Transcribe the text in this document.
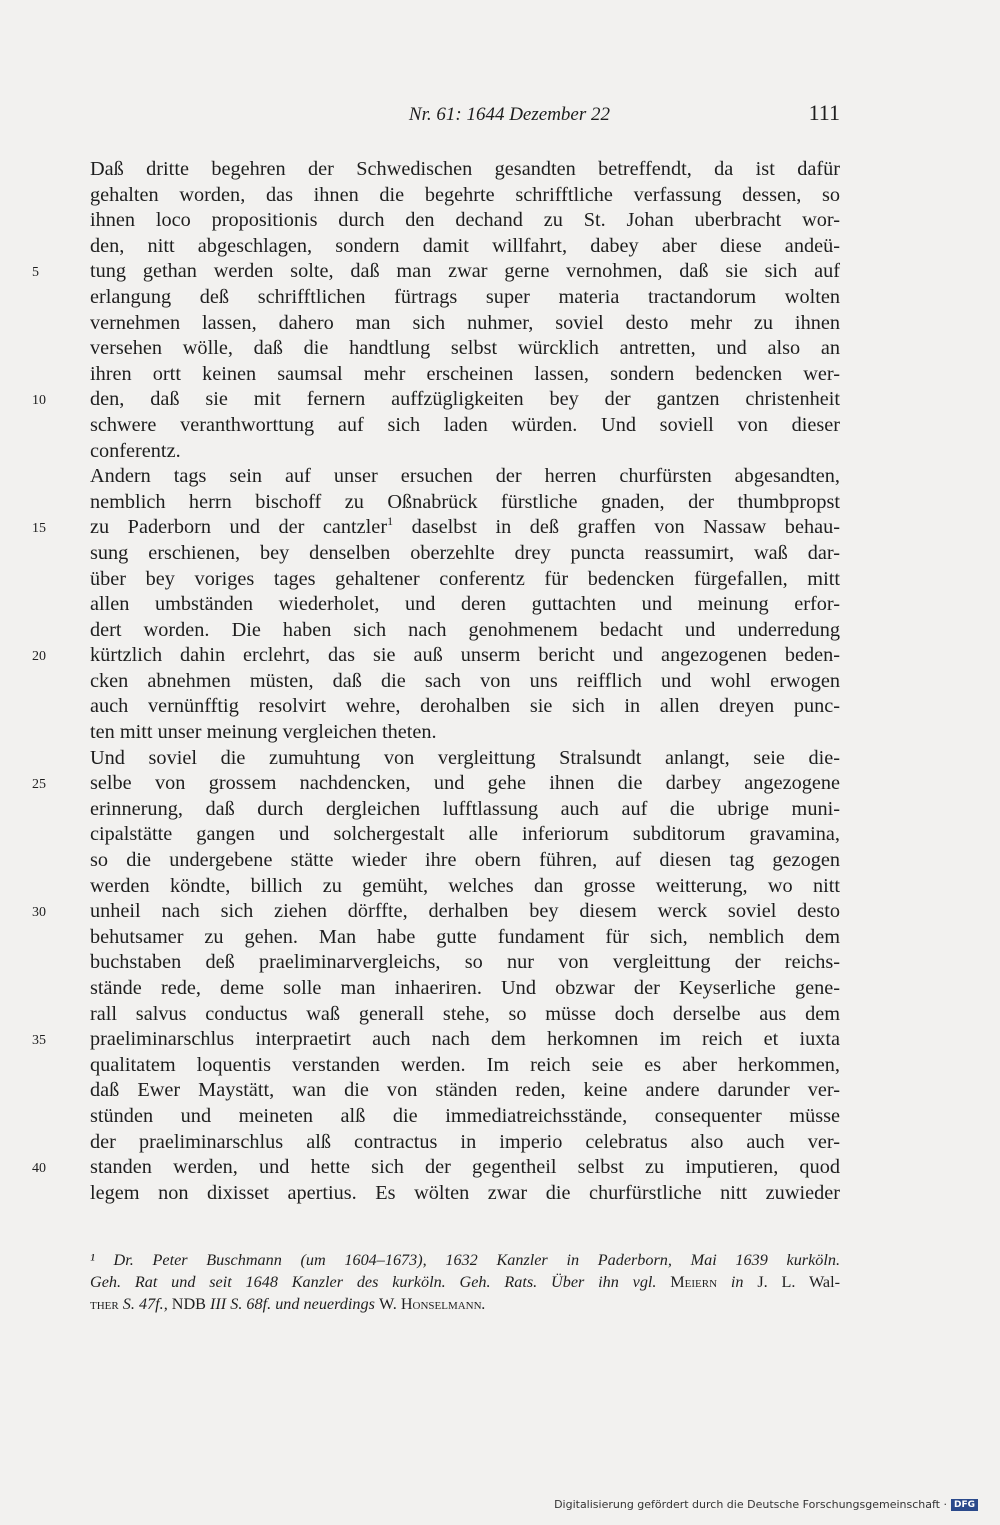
Nr. 61: 1644 Dezember 22	111
Daß dritte begehren der Schwedischen gesandten betreffendt, da ist dafür
gehalten worden, das ihnen die begehrte schrifftliche verfassung dessen, so
ihnen loco propositionis durch den dechand zu St. Johan uberbracht wor-
den, nitt abgeschlagen, sondern damit willfahrt, dabey aber diese andeü-
5	tung gethan werden solte, daß man zwar gerne vernohmen, daß sie sich auf
erlangung deß schrifftlichen fürtrags super materia tractandorum wolten
vernehmen lassen, dahero man sich nuhmer, soviel desto mehr zu ihnen
versehen wölle, daß die handtlung selbst würcklich antretten, und also an
ihren ortt keinen saumsal mehr erscheinen lassen, sondern bedencken wer-
10 den, daß sie mit fernern auffzügligkeiten bey der gantzen christenheit
schwere veranthworttung auf sich laden würden. Und soviell von dieser
conferentz.
Andern tags sein auf unser ersuchen der herren churfürsten abgesandten,
nemblich herrn bischoff zu Oßnabrück fürstliche gnaden, der thumbpropst
15 zu Paderborn und der cantzler$^1$ daselbst in deß graffen von Nassaw behau-
sung erschienen, bey denselben oberzehlte drey puncta reassumirt, waß dar-
über bey voriges tages gehaltener conferentz für bedencken fürgefallen, mitt
allen umbständen wiederholet, und deren guttachten und meinung erfor-
dert worden. Die haben sich nach genohmenem bedacht und underredung
20 kürtzlich dahin erclehrt, das sie auß unserm bericht und angezogenen beden-
cken abnehmen müsten, daß die sach von uns reifflich und wohl erwogen
auch vernünfftig resolvirt wehre, derohalben sie sich in allen dreyen punc-
ten mitt unser meinung vergleichen theten.
Und soviel die zumuhtung von vergleittung Stralsundt anlangt, seie die-
25 selbe von grossem nachdencken, und gehe ihnen die darbey angezogene
erinnerung, daß durch dergleichen lufftlassung auch auf die ubrige muni-
cipalstätte gangen und solchergestalt alle inferiorum subditorum gravamina,
so die undergebene stätte wieder ihre obern führen, auf diesen tag gezogen
werden köndte, billich zu gemüht, welches dan grosse weitterung, wo nitt
30 unheil nach sich ziehen dörffte, derhalben bey diesem werck soviel desto
behutsamer zu gehen. Man habe gutte fundament für sich, nemblich dem
buchstaben deß praeliminarvergleichs, so nur von vergleittung der reichs-
stände rede, deme solle man inhaeriren. Und obzwar der Keyserliche gene-
rall salvus conductus waß generall stehe, so müsse doch derselbe aus dem
35 praeliminarschlus interpraetirt auch nach dem herkomnen im reich et iuxta
qualitatem loquentis verstanden werden. Im reich seie es aber herkommen,
daß Ewer Maystätt, wan die von ständen reden, keine andere darunder ver-
stünden und meineten alß die immediatreichsstände, consequenter müsse
der praeliminarschlus alß contractus in imperio celebratus also auch ver-
40 standen werden, und hette sich der gegentheil selbst zu imputieren, quod
legem non dixisset apertius. Es wölten zwar die churfürstliche nitt zuwieder
¹ Dr. Peter Buschmann (um 1604–1673), 1632 Kanzler in Paderborn, Mai 1639 kurköln.
Geh. Rat und seit 1648 Kanzler des kurköln. Geh. Rats. Über ihn vgl. Meiern in J. L. Wal-
ther S. 47f., NDB III S. 68f. und neuerdings W. Honselmann.
Digitalisierung gefördert durch die Deutsche Forschungsgemeinschaft · DFG
